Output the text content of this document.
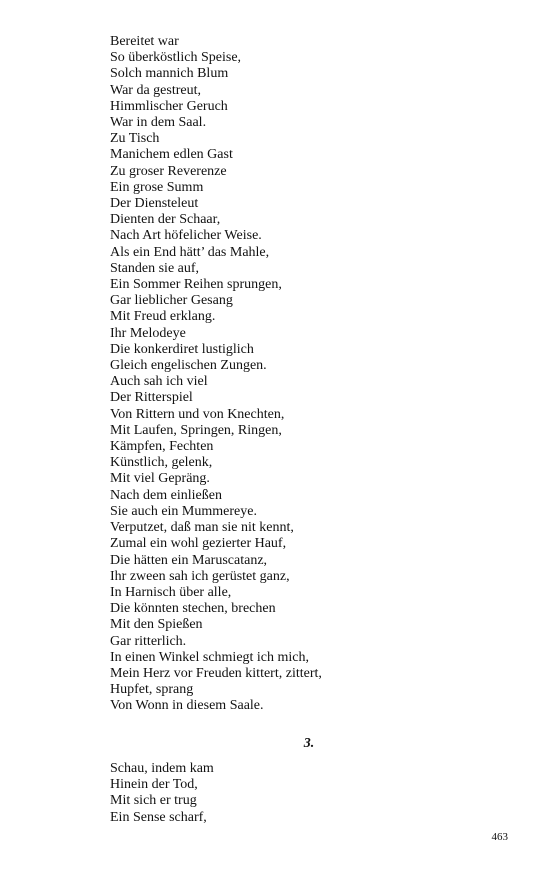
Bereitet war
So überköstlich Speise,
Solch mannich Blum
War da gestreut,
Himmlischer Geruch
War in dem Saal.
Zu Tisch
Manichem edlen Gast
Zu groser Reverenze
Ein grose Summ
Der Diensteleut
Dienten der Schaar,
Nach Art höfelicher Weise.
Als ein End hätt’ das Mahle,
Standen sie auf,
Ein Sommer Reihen sprungen,
Gar lieblicher Gesang
Mit Freud erklang.
Ihr Melodeye
Die konkerdiret lustiglich
Gleich engelischen Zungen.
Auch sah ich viel
Der Ritterspiel
Von Rittern und von Knechten,
Mit Laufen, Springen, Ringen,
Kämpfen, Fechten
Künstlich, gelenk,
Mit viel Gepräng.
Nach dem einließen
Sie auch ein Mummereye.
Verputzet, daß man sie nit kennt,
Zumal ein wohl gezierter Hauf,
Die hätten ein Maruscatanz,
Ihr zween sah ich gerüstet ganz,
In Harnisch über alle,
Die könnten stechen, brechen
Mit den Spießen
Gar ritterlich.
In einen Winkel schmiegt ich mich,
Mein Herz vor Freuden kittert, zittert,
Hupfet, sprang
Von Wonn in diesem Saale.

3.

Schau, indem kam
Hinein der Tod,
Mit sich er trug
Ein Sense scharf,

463
